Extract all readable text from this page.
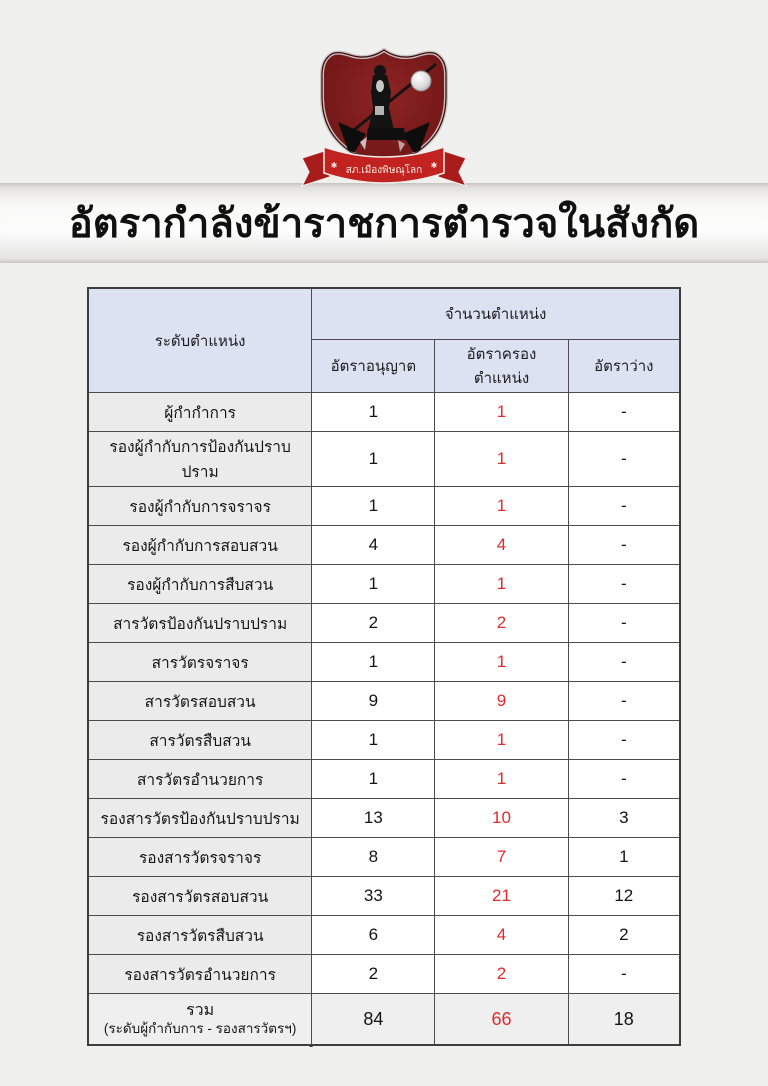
✱ สภ.เมืองพิษณุโลก ✱
อัตรากำลังข้าราชการตำรวจในสังกัด
ระดับตำแหน่ง	จำนวนตำแหน่ง		
	อัตราอนุญาต	อัตราครองตำแหน่ง	อัตราว่าง
ผู้กำกำการ	1	1	-
รองผู้กำกับการป้องกันปราบปราม	1	1	-
รองผู้กำกับการจราจร	1	1	-
รองผู้กำกับการสอบสวน	4	4	-
รองผู้กำกับการสืบสวน	1	1	-
สารวัตรป้องกันปราบปราม	2	2	-
สารวัตรจราจร	1	1	-
สารวัตรสอบสวน	9	9	-
สารวัตรสืบสวน	1	1	-
สารวัตรอำนวยการ	1	1	-
รองสารวัตรป้องกันปราบปราม	13	10	3
รองสารวัตรจราจร	8	7	1
รองสารวัตรสอบสวน	33	21	12
รองสารวัตรสืบสวน	6	4	2
รองสารวัตรอำนวยการ	2	2	-

รวม
(ระดับผู้กำกับการ - รองสารวัตรฯ)	84	66	18
